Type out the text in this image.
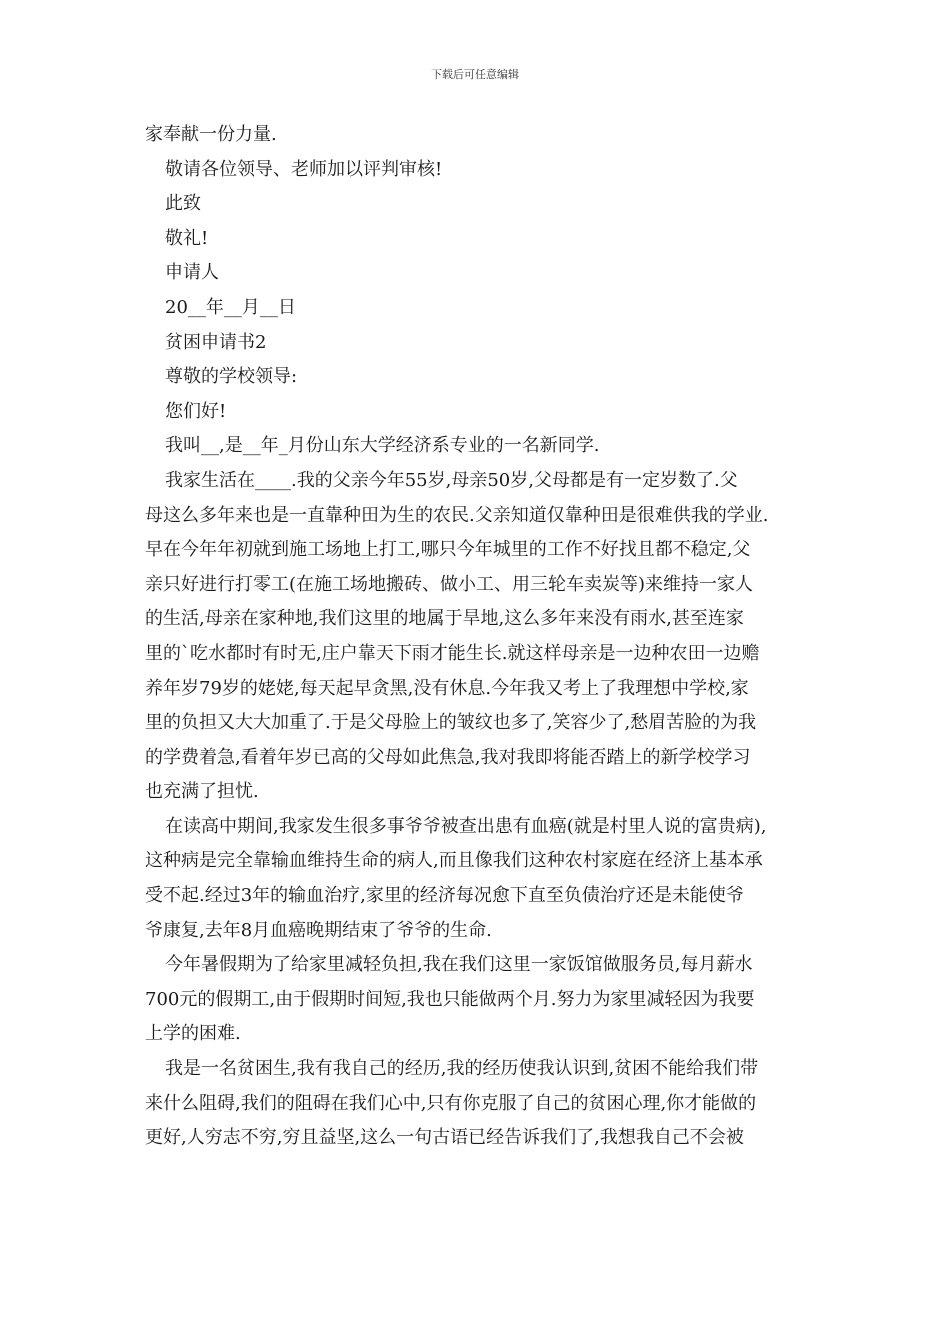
下载后可任意编辑
家奉献一份力量.
敬请各位领导、老师加以评判审核!
此致
敬礼!
申请人
20__年__月__日
贫困申请书2
尊敬的学校领导:
您们好!
我叫__,是__年_月份山东大学经济系专业的一名新同学.
我家生活在____.我的父亲今年55岁,母亲50岁,父母都是有一定岁数了.父
母这么多年来也是一直靠种田为生的农民.父亲知道仅靠种田是很难供我的学业.
早在今年年初就到施工场地上打工,哪只今年城里的工作不好找且都不稳定,父
亲只好进行打零工(在施工场地搬砖、做小工、用三轮车卖炭等)来维持一家人
的生活,母亲在家种地,我们这里的地属于旱地,这么多年来没有雨水,甚至连家
里的`吃水都时有时无,庄户靠天下雨才能生长.就这样母亲是一边种农田一边赡
养年岁79岁的姥姥,每天起早贪黑,没有休息.今年我又考上了我理想中学校,家
里的负担又大大加重了.于是父母脸上的皱纹也多了,笑容少了,愁眉苦脸的为我
的学费着急,看着年岁已高的父母如此焦急,我对我即将能否踏上的新学校学习
也充满了担忧.
在读高中期间,我家发生很多事爷爷被查出患有血癌(就是村里人说的富贵病),
这种病是完全靠输血维持生命的病人,而且像我们这种农村家庭在经济上基本承
受不起.经过3年的输血治疗,家里的经济每况愈下直至负债治疗还是未能使爷
爷康复,去年8月血癌晚期结束了爷爷的生命.
今年暑假期为了给家里减轻负担,我在我们这里一家饭馆做服务员,每月薪水
700元的假期工,由于假期时间短,我也只能做两个月.努力为家里减轻因为我要
上学的困难.
我是一名贫困生,我有我自己的经历,我的经历使我认识到,贫困不能给我们带
来什么阻碍,我们的阻碍在我们心中,只有你克服了自己的贫困心理,你才能做的
更好,人穷志不穷,穷且益坚,这么一句古语已经告诉我们了,我想我自己不会被
